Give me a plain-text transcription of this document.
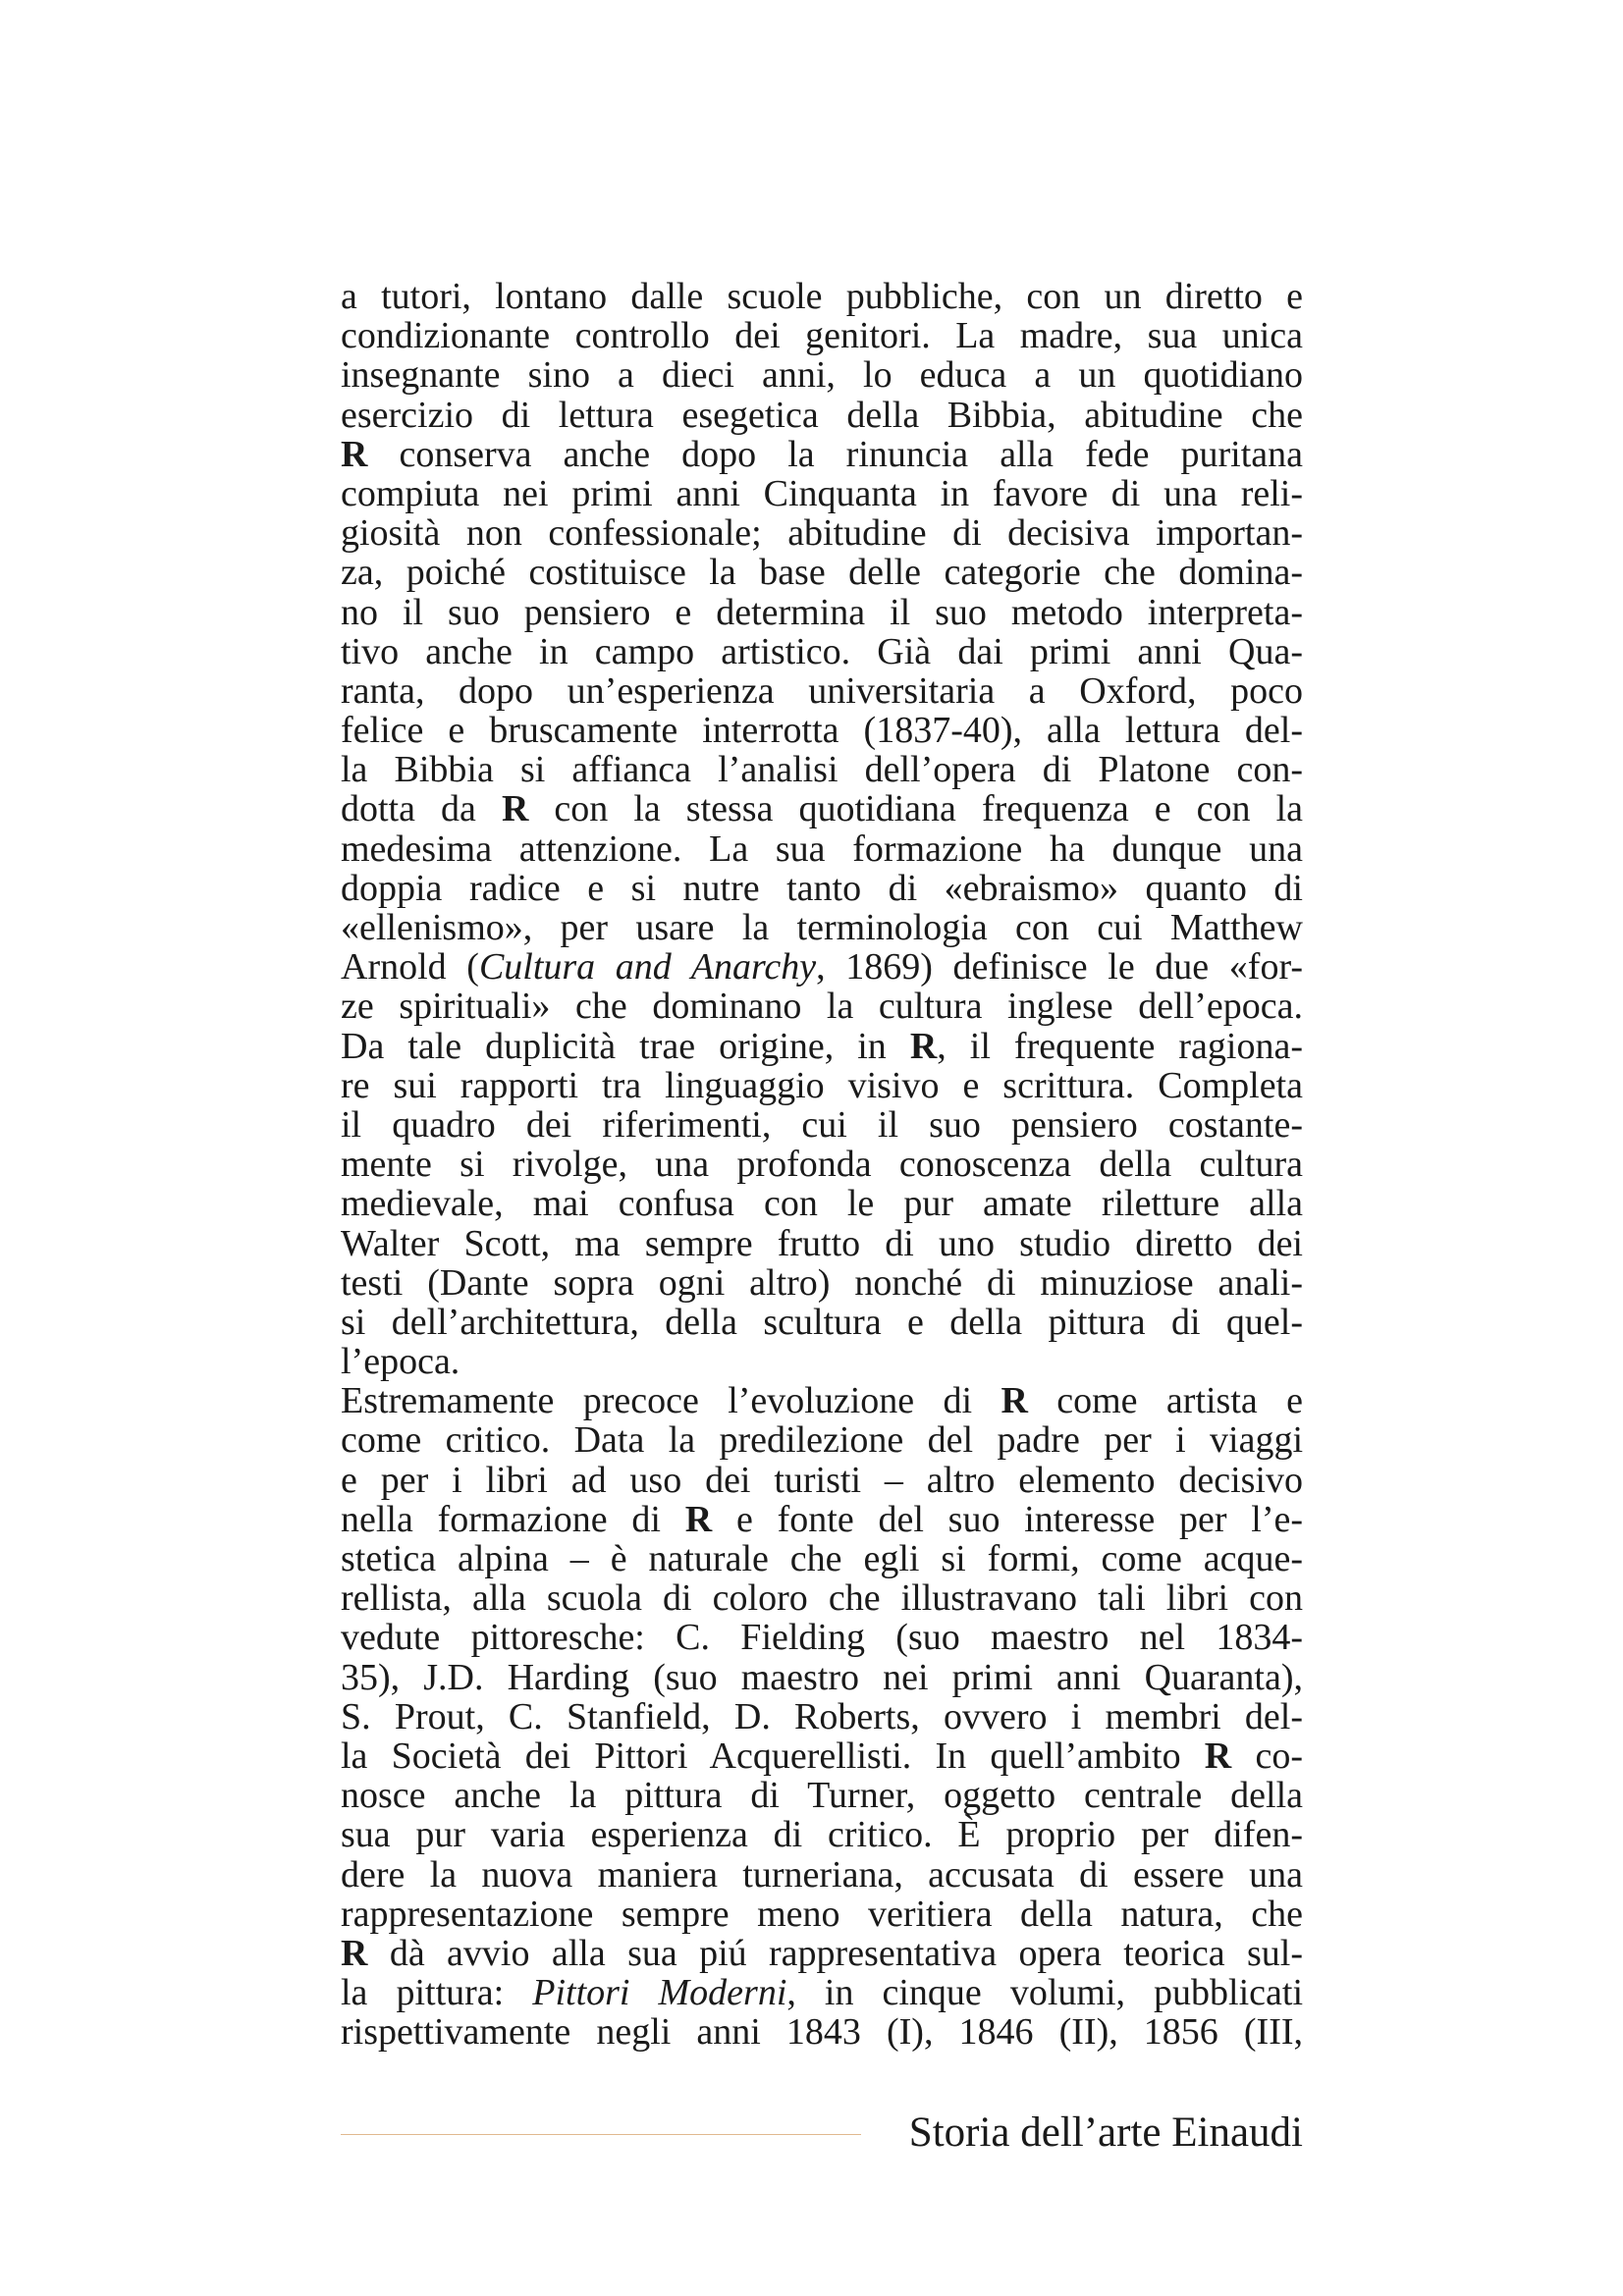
a tutori, lontano dalle scuole pubbliche, con un diretto e
condizionante controllo dei genitori. La madre, sua unica
insegnante sino a dieci anni, lo educa a un quotidiano
esercizio di lettura esegetica della Bibbia, abitudine che
R conserva anche dopo la rinuncia alla fede puritana
compiuta nei primi anni Cinquanta in favore di una reli-
giosità non confessionale; abitudine di decisiva importan-
za, poiché costituisce la base delle categorie che domina-
no il suo pensiero e determina il suo metodo interpreta-
tivo anche in campo artistico. Già dai primi anni Qua-
ranta, dopo un’esperienza universitaria a Oxford, poco
felice e bruscamente interrotta (1837-40), alla lettura del-
la Bibbia si affianca l’analisi dell’opera di Platone con-
dotta da R con la stessa quotidiana frequenza e con la
medesima attenzione. La sua formazione ha dunque una
doppia radice e si nutre tanto di «ebraismo» quanto di
«ellenismo», per usare la terminologia con cui Matthew
Arnold (Cultura and Anarchy, 1869) definisce le due «for-
ze spirituali» che dominano la cultura inglese dell’epoca.
Da tale duplicità trae origine, in R, il frequente ragiona-
re sui rapporti tra linguaggio visivo e scrittura. Completa
il quadro dei riferimenti, cui il suo pensiero costante-
mente si rivolge, una profonda conoscenza della cultura
medievale, mai confusa con le pur amate riletture alla
Walter Scott, ma sempre frutto di uno studio diretto dei
testi (Dante sopra ogni altro) nonché di minuziose anali-
si dell’architettura, della scultura e della pittura di quel-
l’epoca.
Estremamente precoce l’evoluzione di R come artista e
come critico. Data la predilezione del padre per i viaggi
e per i libri ad uso dei turisti – altro elemento decisivo
nella formazione di R e fonte del suo interesse per l’e-
stetica alpina – è naturale che egli si formi, come acque-
rellista, alla scuola di coloro che illustravano tali libri con
vedute pittoresche: C. Fielding (suo maestro nel 1834-
35), J.D. Harding (suo maestro nei primi anni Quaranta),
S. Prout, C. Stanfield, D. Roberts, ovvero i membri del-
la Società dei Pittori Acquerellisti. In quell’ambito R co-
nosce anche la pittura di Turner, oggetto centrale della
sua pur varia esperienza di critico. È proprio per difen-
dere la nuova maniera turneriana, accusata di essere una
rappresentazione sempre meno veritiera della natura, che
R dà avvio alla sua piú rappresentativa opera teorica sul-
la pittura: Pittori Moderni, in cinque volumi, pubblicati
rispettivamente negli anni 1843 (I), 1846 (II), 1856 (III,
Storia dell’arte Einaudi
